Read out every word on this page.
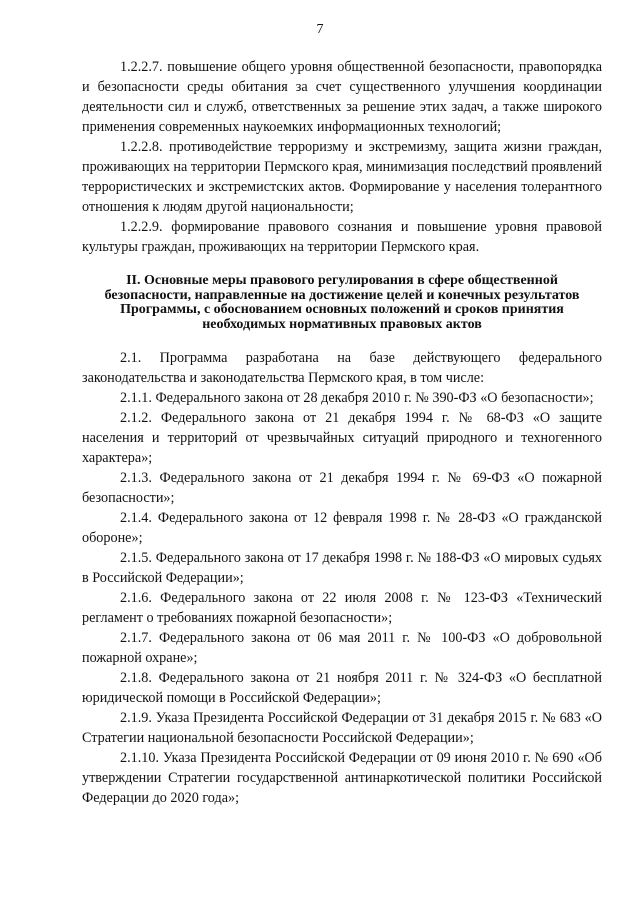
7

1.2.2.7. повышение общего уровня общественной безопасности, правопорядка и безопасности среды обитания за счет существенного улучшения координации деятельности сил и служб, ответственных за решение этих задач, а также широкого применения современных наукоемких информационных технологий;

1.2.2.8. противодействие терроризму и экстремизму, защита жизни граждан, проживающих на территории Пермского края, минимизация последствий проявлений террористических и экстремистских актов. Формирование у населения толерантного отношения к людям другой национальности;

1.2.2.9. формирование правового сознания и повышение уровня правовой культуры граждан, проживающих на территории Пермского края.

II. Основные меры правового регулирования в сфере общественной
безопасности, направленные на достижение целей и конечных результатов
Программы, с обоснованием основных положений и сроков принятия
необходимых нормативных правовых актов

2.1. Программа разработана на базе действующего федерального законодательства и законодательства Пермского края, в том числе:

2.1.1. Федерального закона от 28 декабря 2010 г. № 390-ФЗ «О безопасности»;

2.1.2. Федерального закона от 21 декабря 1994 г. № 68-ФЗ «О защите населения и территорий от чрезвычайных ситуаций природного и техногенного характера»;

2.1.3. Федерального закона от 21 декабря 1994 г. № 69-ФЗ «О пожарной безопасности»;

2.1.4. Федерального закона от 12 февраля 1998 г. № 28-ФЗ «О гражданской обороне»;

2.1.5. Федерального закона от 17 декабря 1998 г. № 188-ФЗ «О мировых судьях в Российской Федерации»;

2.1.6. Федерального закона от 22 июля 2008 г. № 123-ФЗ «Технический регламент о требованиях пожарной безопасности»;

2.1.7. Федерального закона от 06 мая 2011 г. № 100-ФЗ «О добровольной пожарной охране»;

2.1.8. Федерального закона от 21 ноября 2011 г. № 324-ФЗ «О бесплатной юридической помощи в Российской Федерации»;

2.1.9. Указа Президента Российской Федерации от 31 декабря 2015 г. № 683 «О Стратегии национальной безопасности Российской Федерации»;

2.1.10. Указа Президента Российской Федерации от 09 июня 2010 г. № 690 «Об утверждении Стратегии государственной антинаркотической политики Российской Федерации до 2020 года»;
